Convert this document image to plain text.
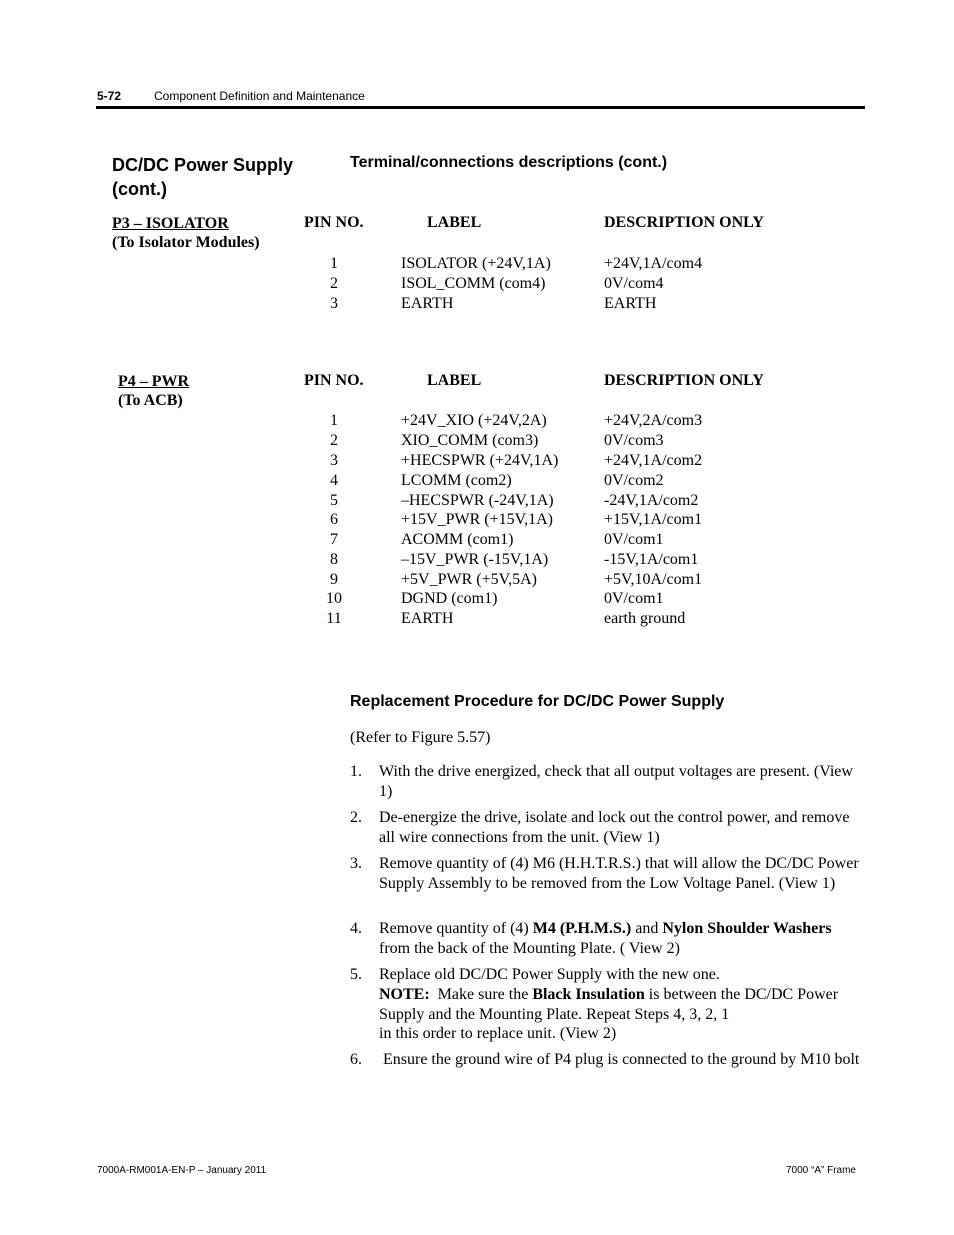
5-72	Component Definition and Maintenance
DC/DC Power Supply (cont.)
Terminal/connections descriptions (cont.)
P3 – ISOLATOR
(To Isolator Modules)
PIN NO.	LABEL	DESCRIPTION ONLY
1	ISOLATOR (+24V,1A)	+24V,1A/com4
2	ISOL_COMM (com4)	0V/com4
3	EARTH	EARTH
P4 – PWR
(To ACB)
PIN NO.	LABEL	DESCRIPTION ONLY
1	+24V_XIO (+24V,2A)	+24V,2A/com3
2	XIO_COMM (com3)	0V/com3
3	+HECSPWR (+24V,1A)	+24V,1A/com2
4	LCOMM (com2)	0V/com2
5	–HECSPWR (-24V,1A)	-24V,1A/com2
6	+15V_PWR (+15V,1A)	+15V,1A/com1
7	ACOMM (com1)	0V/com1
8	–15V_PWR (-15V,1A)	-15V,1A/com1
9	+5V_PWR (+5V,5A)	+5V,10A/com1
10	DGND (com1)	0V/com1
11	EARTH	earth ground
Replacement Procedure for DC/DC Power Supply
(Refer to Figure 5.57)
1. With the drive energized, check that all output voltages are present. (View 1)
2. De-energize the drive, isolate and lock out the control power, and remove all wire connections from the unit. (View 1)
3. Remove quantity of (4) M6 (H.H.T.R.S.) that will allow the DC/DC Power Supply Assembly to be removed from the Low Voltage Panel. (View 1)
4. Remove quantity of (4) M4 (P.H.M.S.) and Nylon Shoulder Washers from the back of the Mounting Plate. ( View 2)
5. Replace old DC/DC Power Supply with the new one.
NOTE:  Make sure the Black Insulation is between the DC/DC Power Supply and the Mounting Plate. Repeat Steps 4, 3, 2, 1
in this order to replace unit. (View 2)
6. Ensure the ground wire of P4 plug is connected to the ground by M10 bolt
7000A-RM001A-EN-P – January 2011	7000 “A” Frame
